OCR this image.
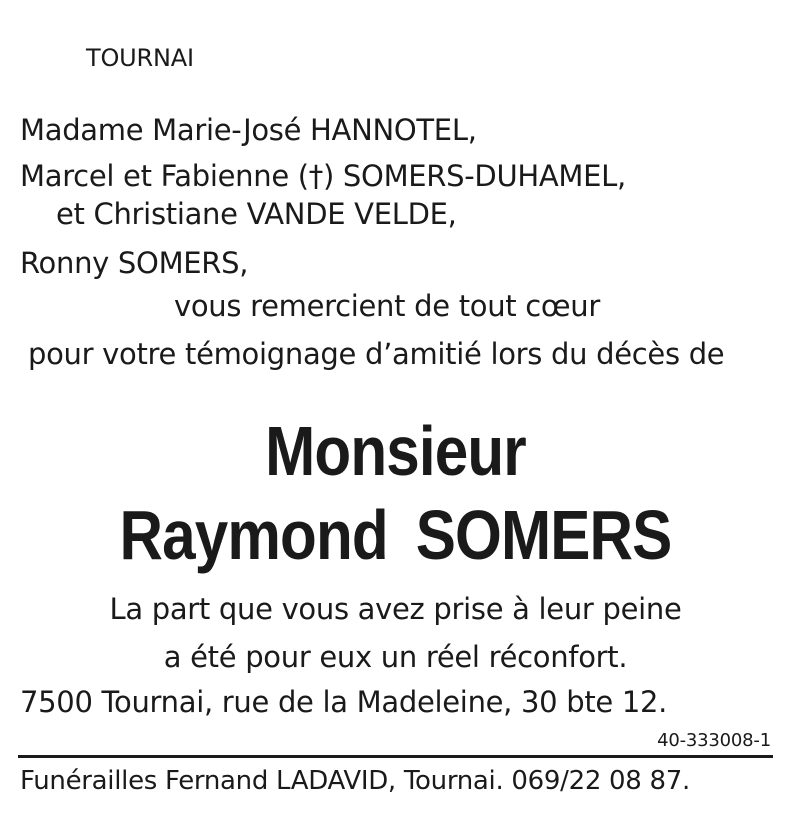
TOURNAI
Madame Marie-José HANNOTEL,
Marcel et Fabienne (†) SOMERS-DUHAMEL,
et Christiane VANDE VELDE,
Ronny SOMERS,
vous remercient de tout cœur
pour votre témoignage d’amitié lors du décès de
Monsieur
Raymond SOMERS
La part que vous avez prise à leur peine
a été pour eux un réel réconfort.
7500 Tournai, rue de la Madeleine, 30 bte 12.
40-333008-1
Funérailles Fernand LADAVID, Tournai. 069/22 08 87.
